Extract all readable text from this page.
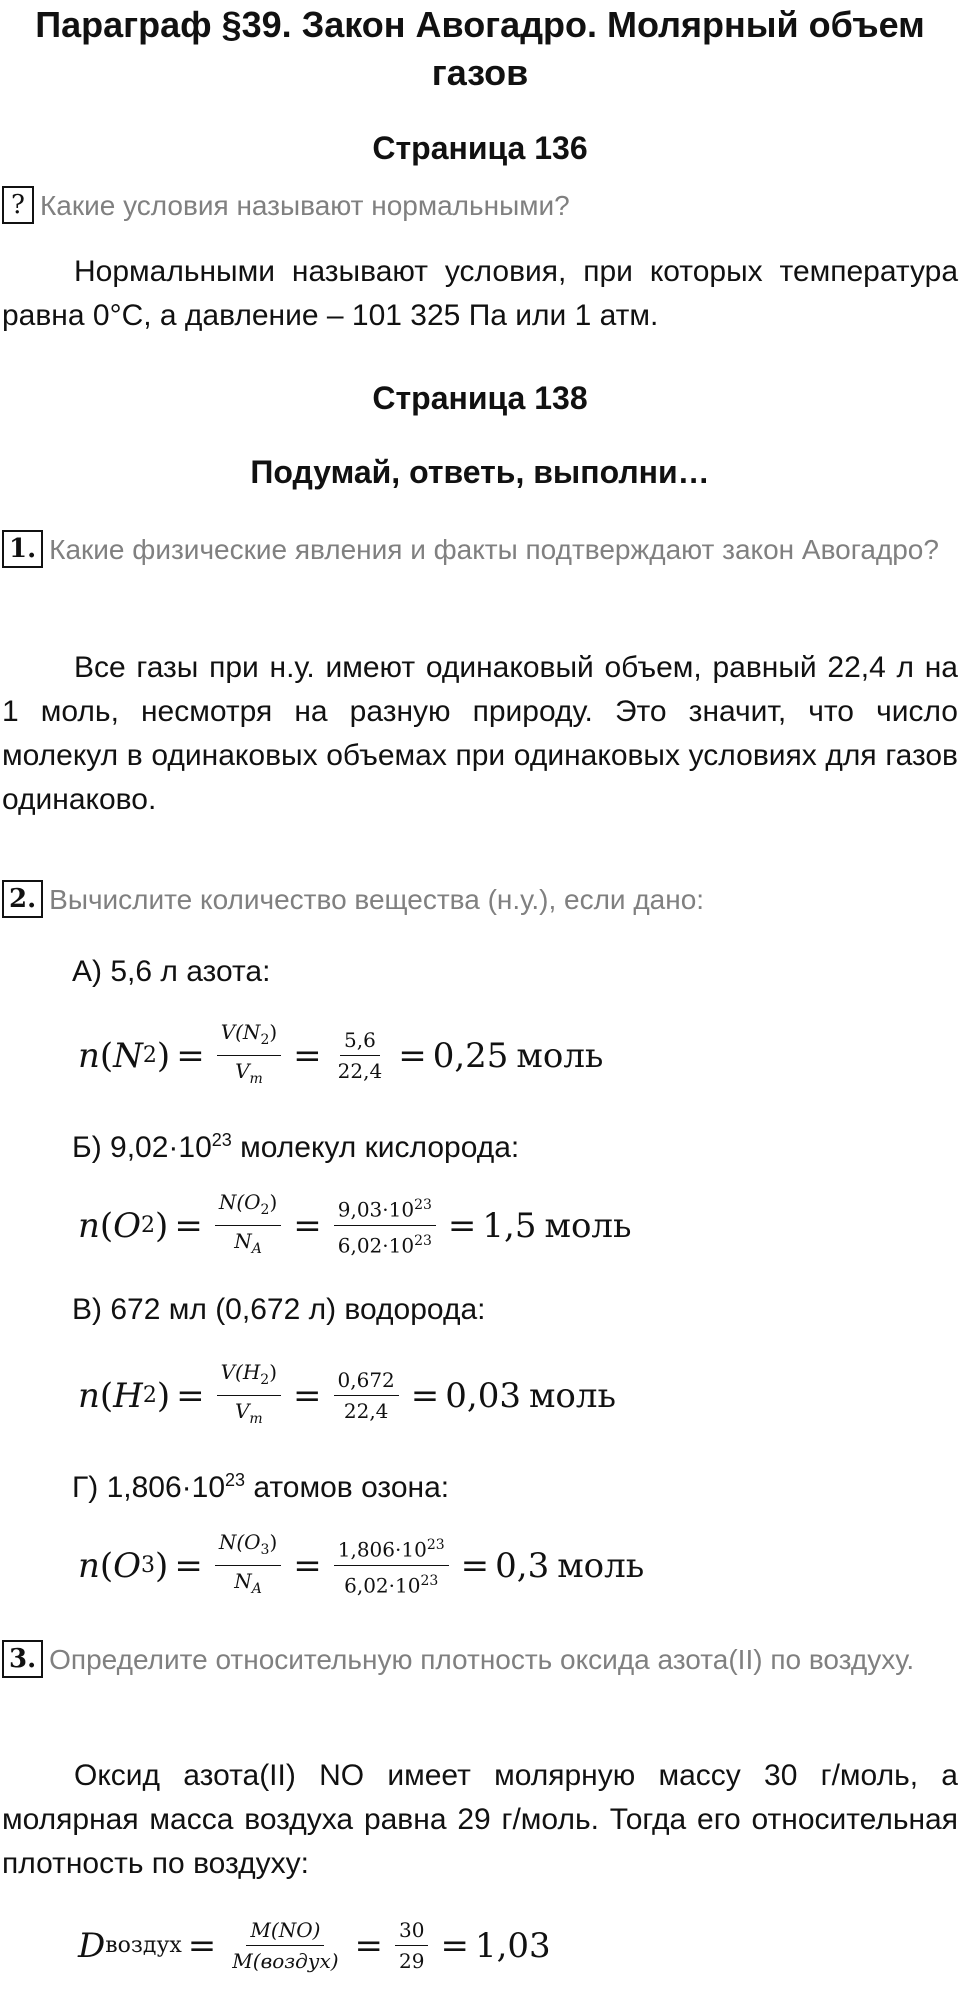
Параграф §39. Закон Авогадро. Молярный объем
газов
Страница 136
? Какие условия называют нормальными?
Нормальными называют условия, при которых температура равна 0°С, а давление – 101 325 Па или 1 атм.
Страница 138
Подумай, ответь, выполни…
1. Какие физические явления и факты подтверждают закон Авогадро?
Все газы при н.у. имеют одинаковый объем, равный 22,4 л на 1 моль, несмотря на разную природу. Это значит, что число молекул в одинаковых объемах при одинаковых условиях для газов одинаково.
2. Вычислите количество вещества (н.у.), если дано:
А) 5,6 л азота:
n ( N 2 ) = $\frac{V(N_2)}{V_m} = \frac{5,6}{22,4} = 0,25$ моль
Б) $9,02\cdot 10^{23}$ молекул кислорода:
n ( O 2 ) = $\frac{N(O_2)}{N_A} = \frac{9,03\cdot 10^{23}}{6,02\cdot 10^{23}} = 1,5$ моль
В) 672 мл (0,672 л) водорода:
n ( H 2 ) = $\frac{V(H_2)}{V_m} = \frac{0,672}{22,4} = 0,03$ моль
Г) $1,806\cdot 10^{23}$ атомов озона:
n ( O 3 ) = $\frac{N(O_3)}{N_A} = \frac{1,806\cdot 10^{23}}{6,02\cdot 10^{23}} = 0,3$ моль
3. Определите относительную плотность оксида азота(II) по воздуху.
Оксид азота(II) NO имеет молярную массу 30 г/моль, а молярная масса воздуха равна 29 г/моль. Тогда его относительная плотность по воздуху:
D воздух = $\frac{M(NO)}{\text{M(воздух)}} = \frac{30}{29} = 1,03$
